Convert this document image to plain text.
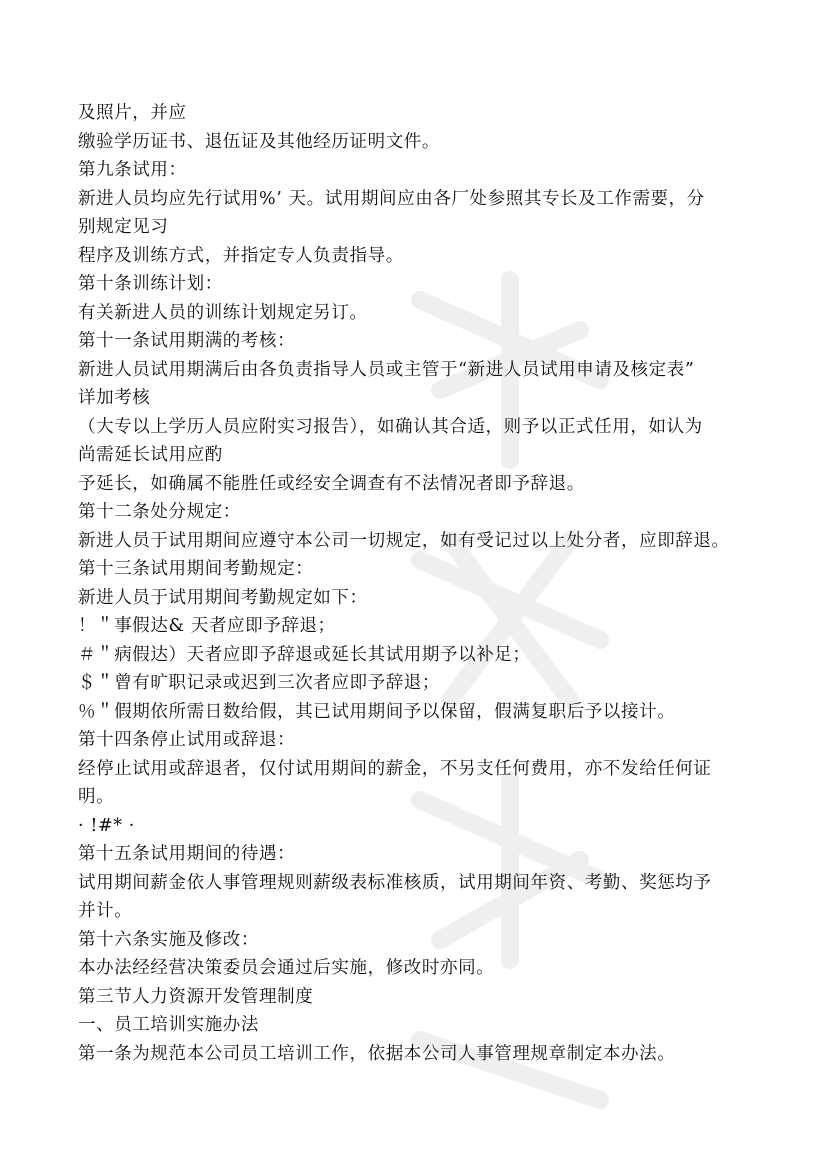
及照片，并应
缴验学历证书、退伍证及其他经历证明文件。
第九条试用：
新进人员均应先行试用%’ 天。试用期间应由各厂处参照其专长及工作需要，分
别规定见习
程序及训练方式，并指定专人负责指导。
第十条训练计划：
有关新进人员的训练计划规定另订。
第十一条试用期满的考核：
新进人员试用期满后由各负责指导人员或主管于“新进人员试用申请及核定表”
详加考核
（大专以上学历人员应附实习报告），如确认其合适，则予以正式任用，如认为
尚需延长试用应酌
予延长，如确属不能胜任或经安全调查有不法情况者即予辞退。
第十二条处分规定：
新进人员于试用期间应遵守本公司一切规定，如有受记过以上处分者，应即辞退。
第十三条试用期间考勤规定：
新进人员于试用期间考勤规定如下：
！＂事假达& 天者应即予辞退；
＃＂病假达）天者应即予辞退或延长其试用期予以补足；
＄＂曾有旷职记录或迟到三次者应即予辞退；
％＂假期依所需日数给假，其已试用期间予以保留，假满复职后予以接计。
第十四条停止试用或辞退：
经停止试用或辞退者，仅付试用期间的薪金，不另支任何费用，亦不发给任何证
明。
· !#* ·
第十五条试用期间的待遇：
试用期间薪金依人事管理规则薪级表标准核质，试用期间年资、考勤、奖惩均予
并计。
第十六条实施及修改：
本办法经经营决策委员会通过后实施，修改时亦同。
第三节人力资源开发管理制度
一、员工培训实施办法
第一条为规范本公司员工培训工作，依据本公司人事管理规章制定本办法。
